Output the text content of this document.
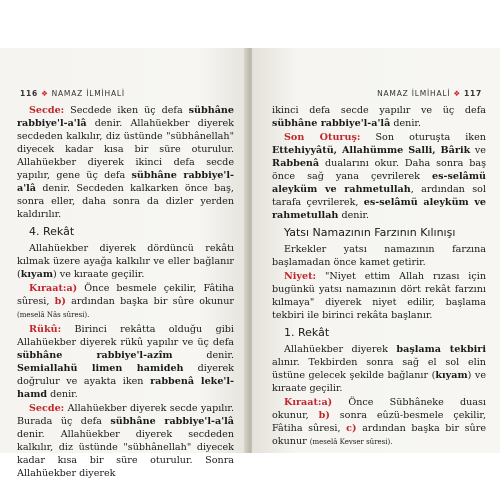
116 ❖ NAMAZ İLMİHALİ

Secde: Secdede iken üç defa sübhâne rabbiye'l-a'lâ denir. Allahüekber diyerek secdeden kalkılır, diz üstünde "sübhânellah" diyecek kadar kısa bir süre oturulur. Allahüekber diyerek ikinci defa secde yapılır, gene üç defa sübhâne rabbiye'l-a'lâ denir. Secdeden kalkarken önce baş, sonra eller, daha sonra da dizler yerden kaldırılır.

4. Rekât

Allahüekber diyerek dördüncü rekâtı kılmak üzere ayağa kalkılır ve eller bağlanır (kıyam) ve kıraate geçilir.

Kıraat:a) Önce besmele çekilir, Fâtiha sûresi, b) ardından başka bir sûre okunur (meselâ Nâs sûresi).

Rükû: Birinci rekâtta olduğu gibi Allahüekber diyerek rükû yapılır ve üç defa sübhâne rabbiye'l-azîm denir. Semiallahü limen hamideh diyerek doğrulur ve ayakta iken rabbenâ leke'l-hamd denir.

Secde: Allahüekber diyerek secde yapılır. Burada üç defa sübhâne rabbiye'l-a'lâ denir. Allahüekber diyerek secdeden kalkılır, diz üstünde "sübhânellah" diyecek kadar kısa bir süre oturulur. Sonra Allahüekber diyerek

NAMAZ İLMİHALİ ❖ 117

ikinci defa secde yapılır ve üç defa sübhâne rabbiye'l-a'lâ denir.

Son Oturuş: Son oturuşta iken Ettehiyyâtü, Allahümme Salli, Bârik ve Rabbenâ dualarını okur. Daha sonra baş önce sağ yana çevrilerek es-selâmü aleyküm ve rahmetullah, ardından sol tarafa çevrilerek, es-selâmü aleyküm ve rahmetullah denir.

Yatsı Namazının Farzının Kılınışı

Erkekler yatsı namazının farzına başlamadan önce kamet getirir.

Niyet: "Niyet ettim Allah rızası için bugünkü yatsı namazının dört rekât farzını kılmaya" diyerek niyet edilir, başlama tekbiri ile birinci rekâta başlanır.

1. Rekât

Allahüekber diyerek başlama tekbiri alınır. Tekbirden sonra sağ el sol elin üstüne gelecek şekilde bağlanır (kıyam) ve kıraate geçilir.

Kıraat:a) Önce Sübhâneke duası okunur, b) sonra eûzü-besmele çekilir, Fâtiha sûresi, c) ardından başka bir sûre okunur (meselâ Kevser sûresi).
